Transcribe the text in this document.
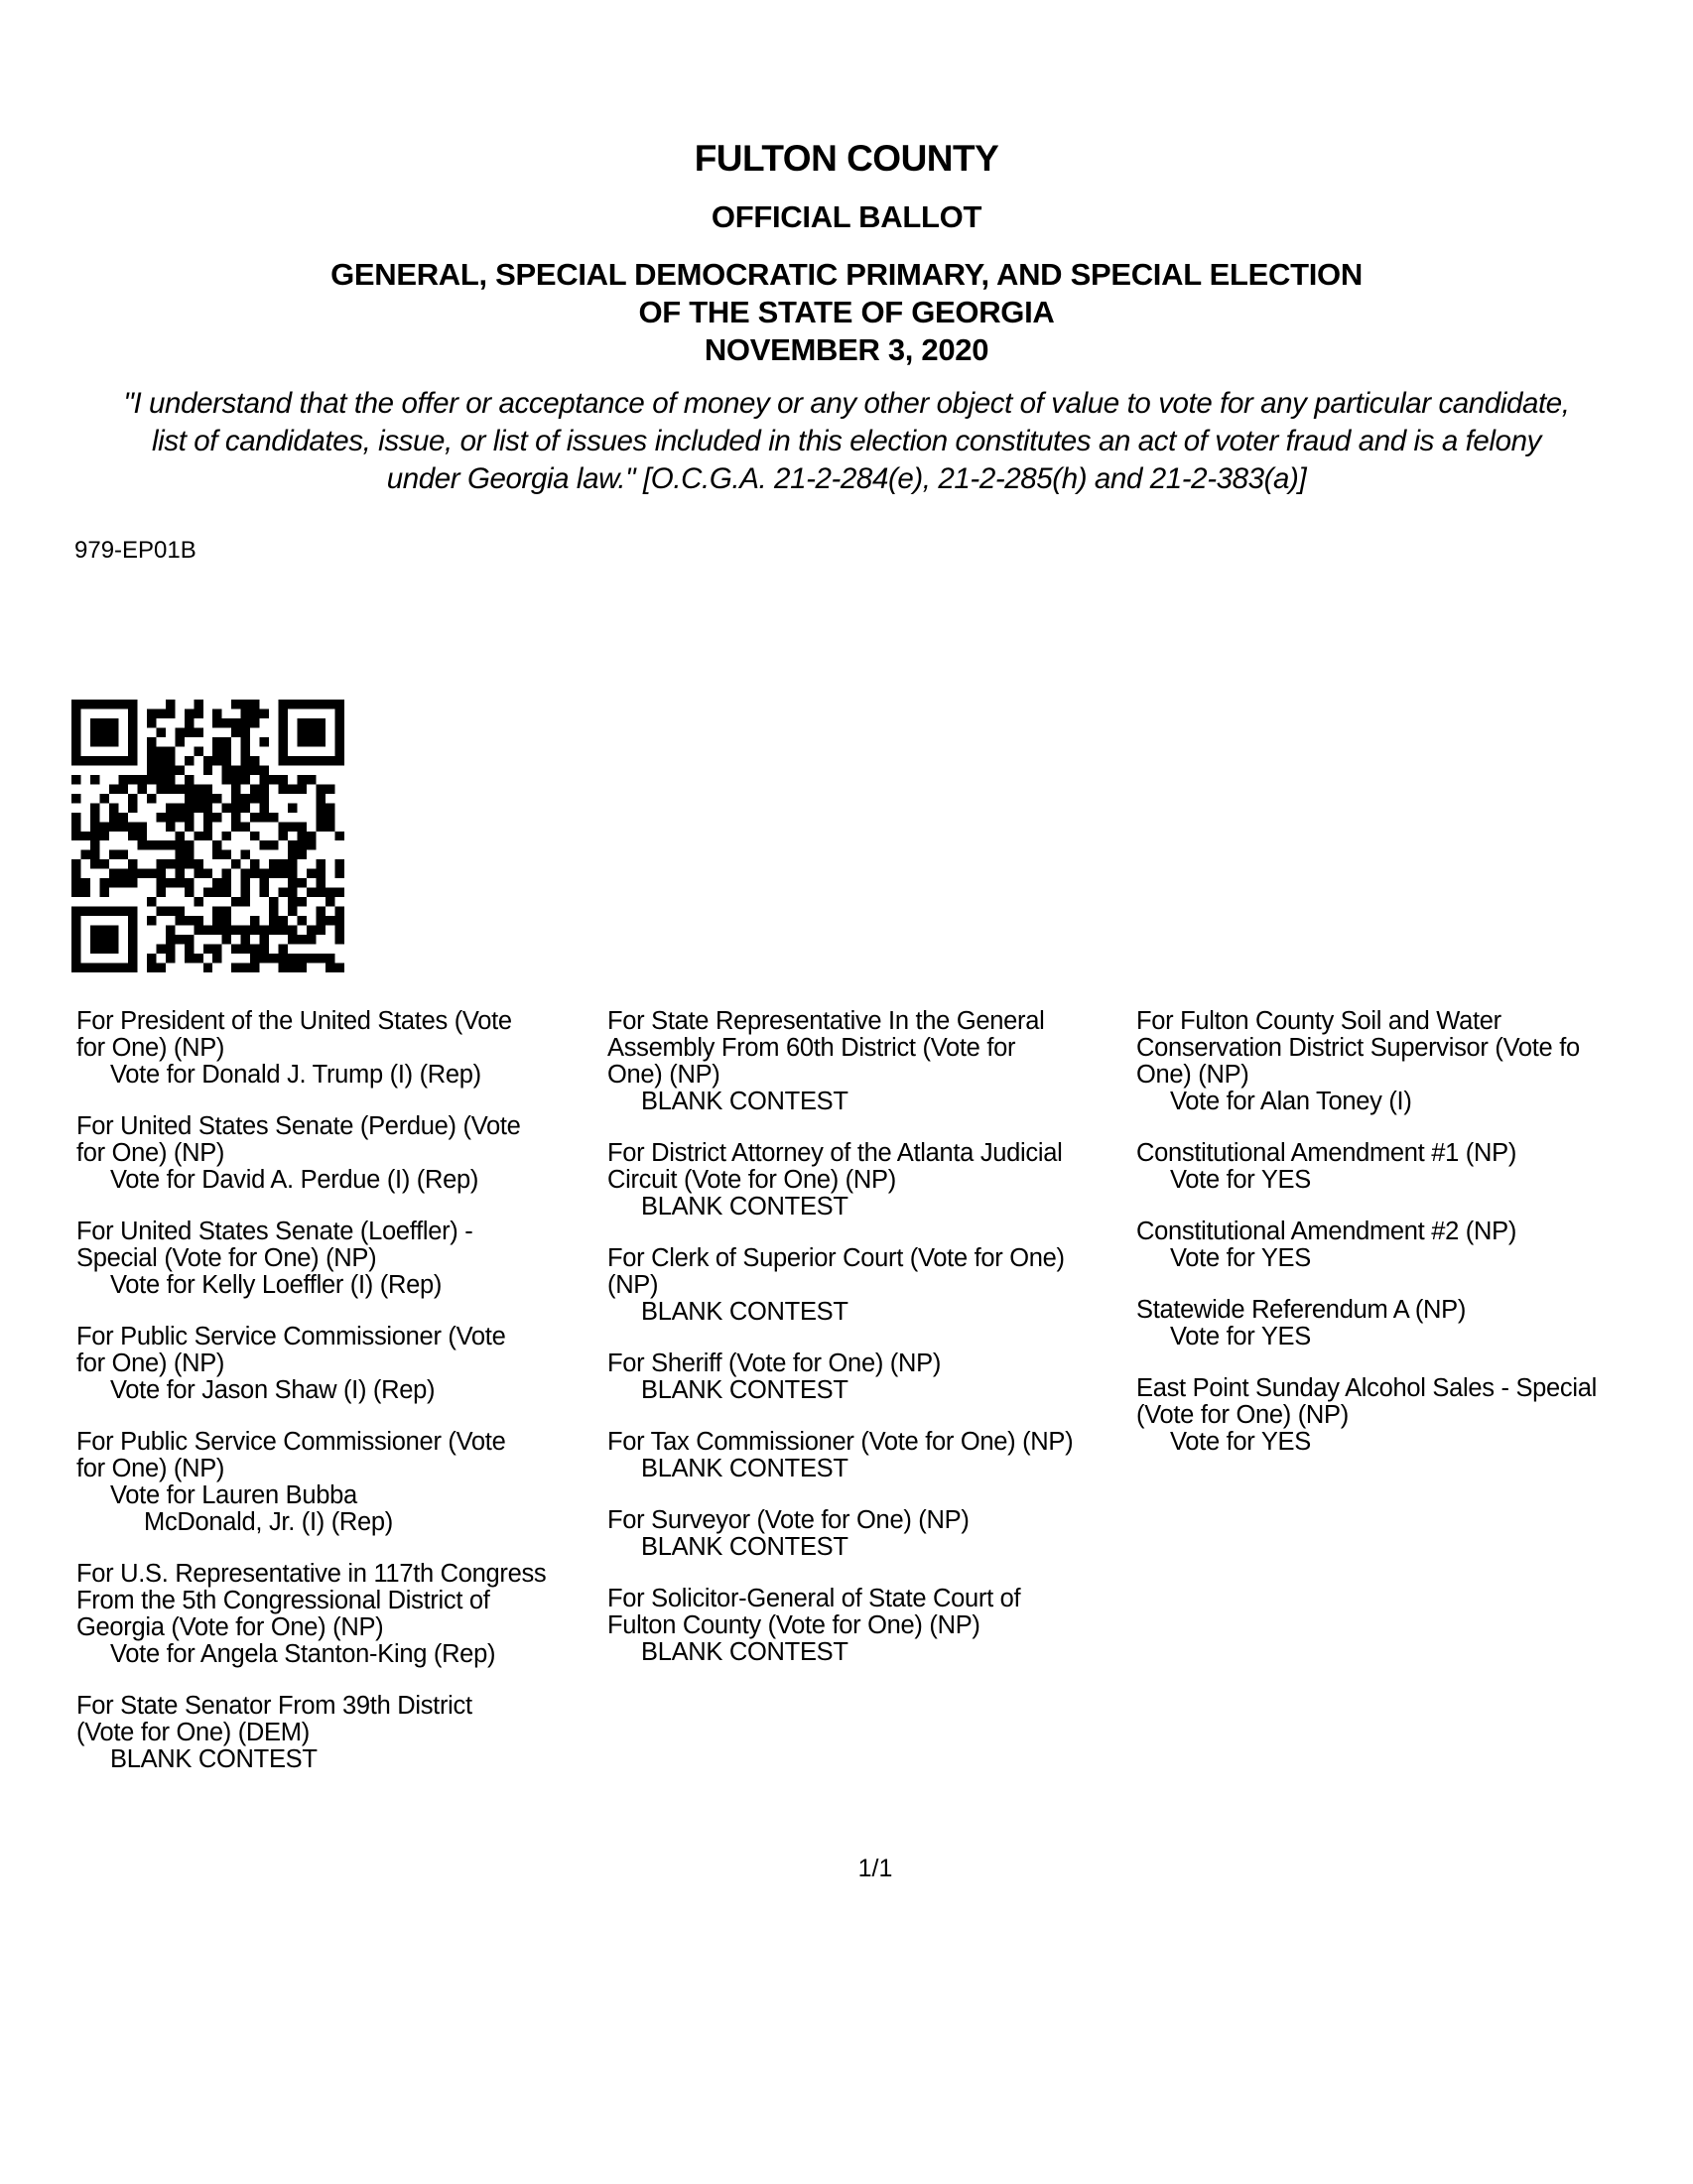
FULTON COUNTY
OFFICIAL BALLOT
GENERAL, SPECIAL DEMOCRATIC PRIMARY, AND SPECIAL ELECTION
OF THE STATE OF GEORGIA
NOVEMBER 3, 2020
"I understand that the offer or acceptance of money or any other object of value to vote for any particular candidate,
list of candidates, issue, or list of issues included in this election constitutes an act of voter fraud and is a felony
under Georgia law." [O.C.G.A. 21-2-284(e), 21-2-285(h) and 21-2-383(a)]
979-EP01B
For President of the United States (Vote
for One) (NP)
Vote for Donald J. Trump (I) (Rep)
For United States Senate (Perdue) (Vote
for One) (NP)
Vote for David A. Perdue (I) (Rep)
For United States Senate (Loeffler) -
Special (Vote for One) (NP)
Vote for Kelly Loeffler (I) (Rep)
For Public Service Commissioner (Vote
for One) (NP)
Vote for Jason Shaw (I) (Rep)
For Public Service Commissioner (Vote
for One) (NP)
Vote for Lauren Bubba
McDonald, Jr. (I) (Rep)
For U.S. Representative in 117th Congress
From the 5th Congressional District of
Georgia (Vote for One) (NP)
Vote for Angela Stanton-King (Rep)
For State Senator From 39th District
(Vote for One) (DEM)
BLANK CONTEST
For State Representative In the General
Assembly From 60th District (Vote for
One) (NP)
BLANK CONTEST
For District Attorney of the Atlanta Judicial
Circuit (Vote for One) (NP)
BLANK CONTEST
For Clerk of Superior Court (Vote for One)
(NP)
BLANK CONTEST
For Sheriff (Vote for One) (NP)
BLANK CONTEST
For Tax Commissioner (Vote for One) (NP)
BLANK CONTEST
For Surveyor (Vote for One) (NP)
BLANK CONTEST
For Solicitor-General of State Court of
Fulton County (Vote for One) (NP)
BLANK CONTEST
For Fulton County Soil and Water
Conservation District Supervisor (Vote fo
One) (NP)
Vote for Alan Toney (I)
Constitutional Amendment #1 (NP)
Vote for YES
Constitutional Amendment #2 (NP)
Vote for YES
Statewide Referendum A (NP)
Vote for YES
East Point Sunday Alcohol Sales - Special
(Vote for One) (NP)
Vote for YES
1/1
